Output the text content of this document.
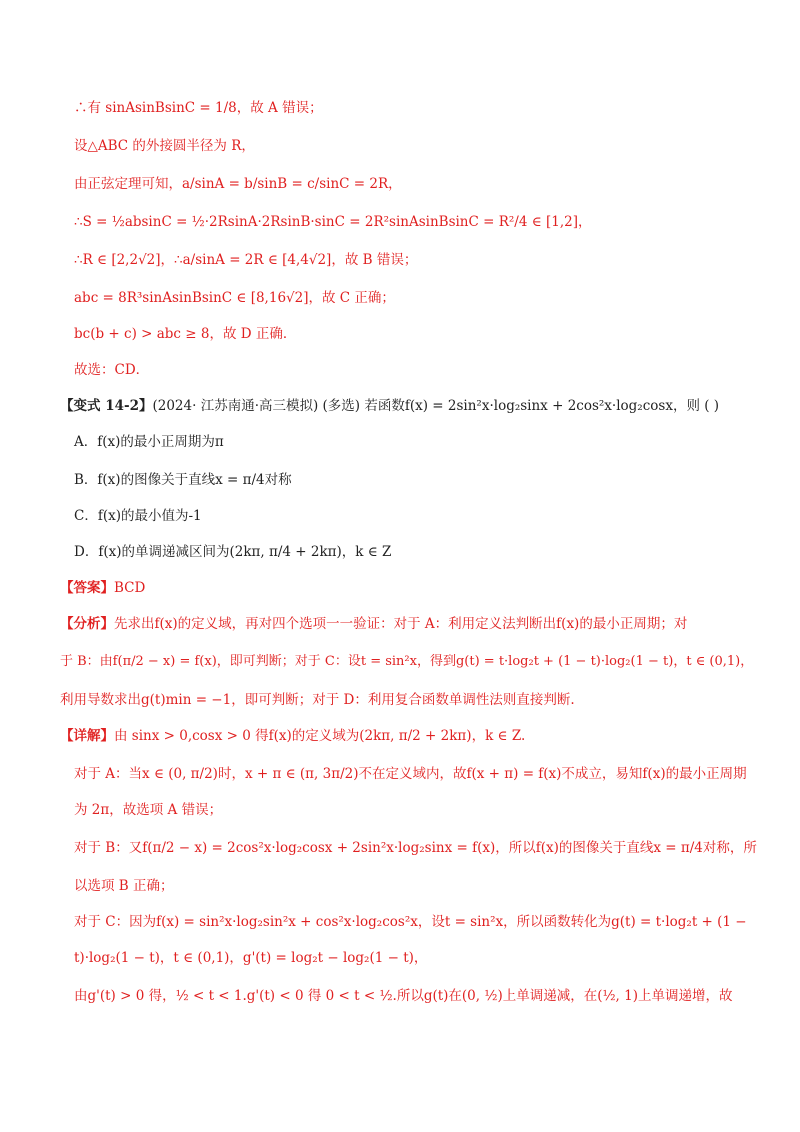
∴有 sinAsinBsinC = 1/8，故 A 错误；
设△ABC 的外接圆半径为 R，
由正弦定理可知，a/sinA = b/sinB = c/sinC = 2R，
∴S = ½absinC = ½·2RsinA·2RsinB·sinC = 2R²sinAsinBsinC = R²/4 ∈ [1,2]，
∴R ∈ [2,2√2]，∴a/sinA = 2R ∈ [4,4√2]，故 B 错误；
abc = 8R³sinAsinBsinC ∈ [8,16√2]，故 C 正确；
bc(b + c) > abc ≥ 8，故 D 正确．
故选：CD．
【变式 14-2】(2024· 江苏南通·高三模拟) (多选) 若函数f(x) = 2sin²x·log₂sinx + 2cos²x·log₂cosx，则 ( )
A．f(x)的最小正周期为π
B．f(x)的图像关于直线x = π/4对称
C．f(x)的最小值为-1
D．f(x)的单调递减区间为(2kπ, π/4 + 2kπ)，k ∈ Z
【答案】BCD
【分析】先求出f(x)的定义域，再对四个选项一一验证：对于 A：利用定义法判断出f(x)的最小正周期；对
于 B：由f(π/2 − x) = f(x)，即可判断；对于 C：设t = sin²x，得到g(t) = t·log₂t + (1 − t)·log₂(1 − t)，t ∈ (0,1)，
利用导数求出g(t)min = −1，即可判断；对于 D：利用复合函数单调性法则直接判断.
【详解】由 sinx > 0,cosx > 0 得f(x)的定义域为(2kπ, π/2 + 2kπ)，k ∈ Z.
对于 A：当x ∈ (0, π/2)时，x + π ∈ (π, 3π/2)不在定义域内，故f(x + π) = f(x)不成立，易知f(x)的最小正周期
为 2π，故选项 A 错误；
对于 B：又f(π/2 − x) = 2cos²x·log₂cosx + 2sin²x·log₂sinx = f(x)，所以f(x)的图像关于直线x = π/4对称，所
以选项 B 正确；
对于 C：因为f(x) = sin²x·log₂sin²x + cos²x·log₂cos²x，设t = sin²x，所以函数转化为g(t) = t·log₂t + (1 −
t)·log₂(1 − t)，t ∈ (0,1)，g'(t) = log₂t − log₂(1 − t)，
由g'(t) > 0 得，½ < t < 1.g'(t) < 0 得 0 < t < ½.所以g(t)在(0, ½)上单调递减，在(½, 1)上单调递增，故
